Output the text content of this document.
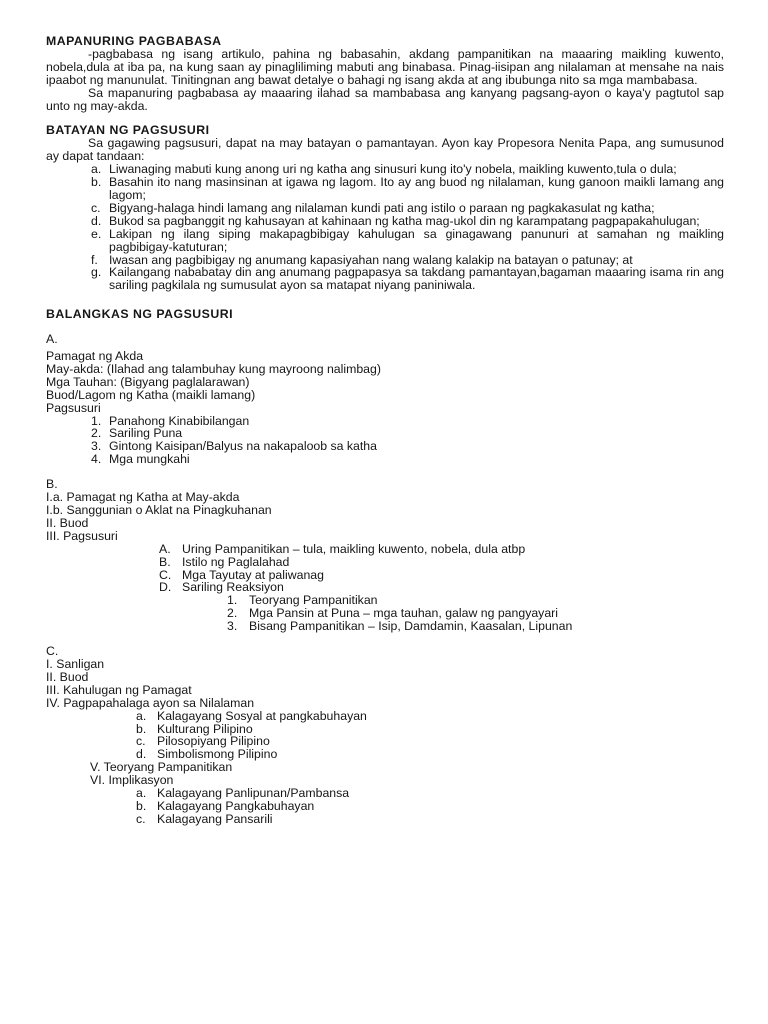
MAPANURING PAGBABASA
-pagbabasa ng isang artikulo, pahina ng babasahin, akdang pampanitikan na maaaring maikling kuwento, nobela,dula at iba pa, na kung saan ay pinagliliming mabuti ang binabasa. Pinag-iisipan ang nilalaman at mensahe na nais ipaabot ng manunulat. Tinitingnan ang bawat detalye o bahagi ng isang akda at ang ibubunga nito sa mga mambabasa.
Sa mapanuring pagbabasa ay maaaring ilahad sa mambabasa ang kanyang pagsang-ayon o kaya'y pagtutol sap unto ng may-akda.
BATAYAN NG PAGSUSURI
Sa gagawing pagsusuri, dapat na may batayan o pamantayan. Ayon kay Propesora Nenita Papa, ang sumusunod ay dapat tandaan:
a. Liwanaging mabuti kung anong uri ng katha ang sinusuri kung ito'y nobela, maikling kuwento,tula o dula;
b. Basahin ito nang masinsinan at igawa ng lagom. Ito ay ang buod ng nilalaman, kung ganoon maikli lamang ang lagom;
c. Bigyang-halaga hindi lamang ang nilalaman kundi pati ang istilo o paraan ng pagkakasulat ng katha;
d. Bukod sa pagbanggit ng kahusayan at kahinaan ng katha mag-ukol din ng karampatang pagpapakahulugan;
e. Lakipan ng ilang siping makapagbibigay kahulugan sa ginagawang panunuri at samahan ng maikling pagbibigay-katuturan;
f. Iwasan ang pagbibigay ng anumang kapasiyahan nang walang kalakip na batayan o patunay; at
g. Kailangang nababatay din ang anumang pagpapasya sa takdang pamantayan,bagaman maaaring isama rin ang sariling pagkilala ng sumusulat ayon sa matapat niyang paniniwala.
BALANGKAS NG PAGSUSURI
A.
Pamagat ng Akda
May-akda: (Ilahad ang talambuhay kung mayroong nalimbag)
Mga Tauhan: (Bigyang paglalarawan)
Buod/Lagom ng Katha (maikli lamang)
Pagsusuri
1. Panahong Kinabibilangan
2. Sariling Puna
3. Gintong Kaisipan/Balyus na nakapaloob sa katha
4. Mga mungkahi
B.
I.a. Pamagat ng Katha at May-akda
I.b. Sanggunian o Aklat na Pinagkuhanan
II. Buod
III. Pagsusuri
A. Uring Pampanitikan – tula, maikling kuwento, nobela, dula atbp
B. Istilo ng Paglalahad
C. Mga Tayutay at paliwanag
D. Sariling Reaksiyon
1. Teoryang Pampanitikan
2. Mga Pansin at Puna – mga tauhan, galaw ng pangyayari
3. Bisang Pampanitikan – Isip, Damdamin, Kaasalan, Lipunan
C.
I. Sanligan
II. Buod
III. Kahulugan ng Pamagat
IV. Pagpapahalaga ayon sa Nilalaman
a. Kalagayang Sosyal at pangkabuhayan
b. Kulturang Pilipino
c. Pilosopiyang Pilipino
d. Simbolismong Pilipino
V. Teoryang Pampanitikan
VI. Implikasyon
a. Kalagayang Panlipunan/Pambansa
b. Kalagayang Pangkabuhayan
c. Kalagayang Pansarili
